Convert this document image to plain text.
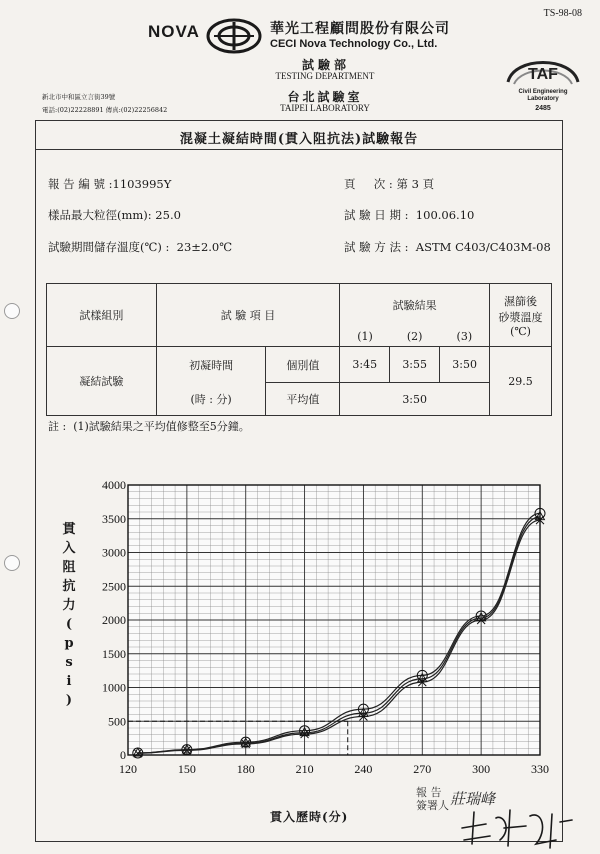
TS-98-08
NOVA	華光工程顧問股份有限公司
CECI Nova Technology Co., Ltd.
試驗部
TESTING DEPARTMENT
台北試驗室
TAIPEI LABORATORY
新北市中和區立言街39號
電話:(02)22228891 傳真:(02)22256842
TAF
Civil Engineering
Laboratory
2485
混凝土凝結時間(貫入阻抗法)試驗報告
報 告 編 號 :1103995Y	頁     次 : 第 3 頁
樣品最大粒徑(mm): 25.0	試 驗 日 期 :  100.06.10
試驗期間儲存溫度(℃) :  23±2.0℃	試 驗 方 法 :  ASTM C403/C403M-08
試樣組別	試 驗 項 目		試驗結果			濕篩後
砂漿溫度(℃)

			(1)	(2)	(3)	
凝結試驗	初凝時間	個別值	3:45	3:55	3:50	29.5
	(時 : 分)	平均值	3:50			
註 :  (1)試驗結果之平均值修整至5分鐘。
貫
入
阻
抗
力
(
p
s
i
)
120	150	180	210	240	270	300	330
0
500
1000
1500
2000
2500
3000
3500
4000
貫入歷時(分)
報 告
簽署人 莊瑞峰
